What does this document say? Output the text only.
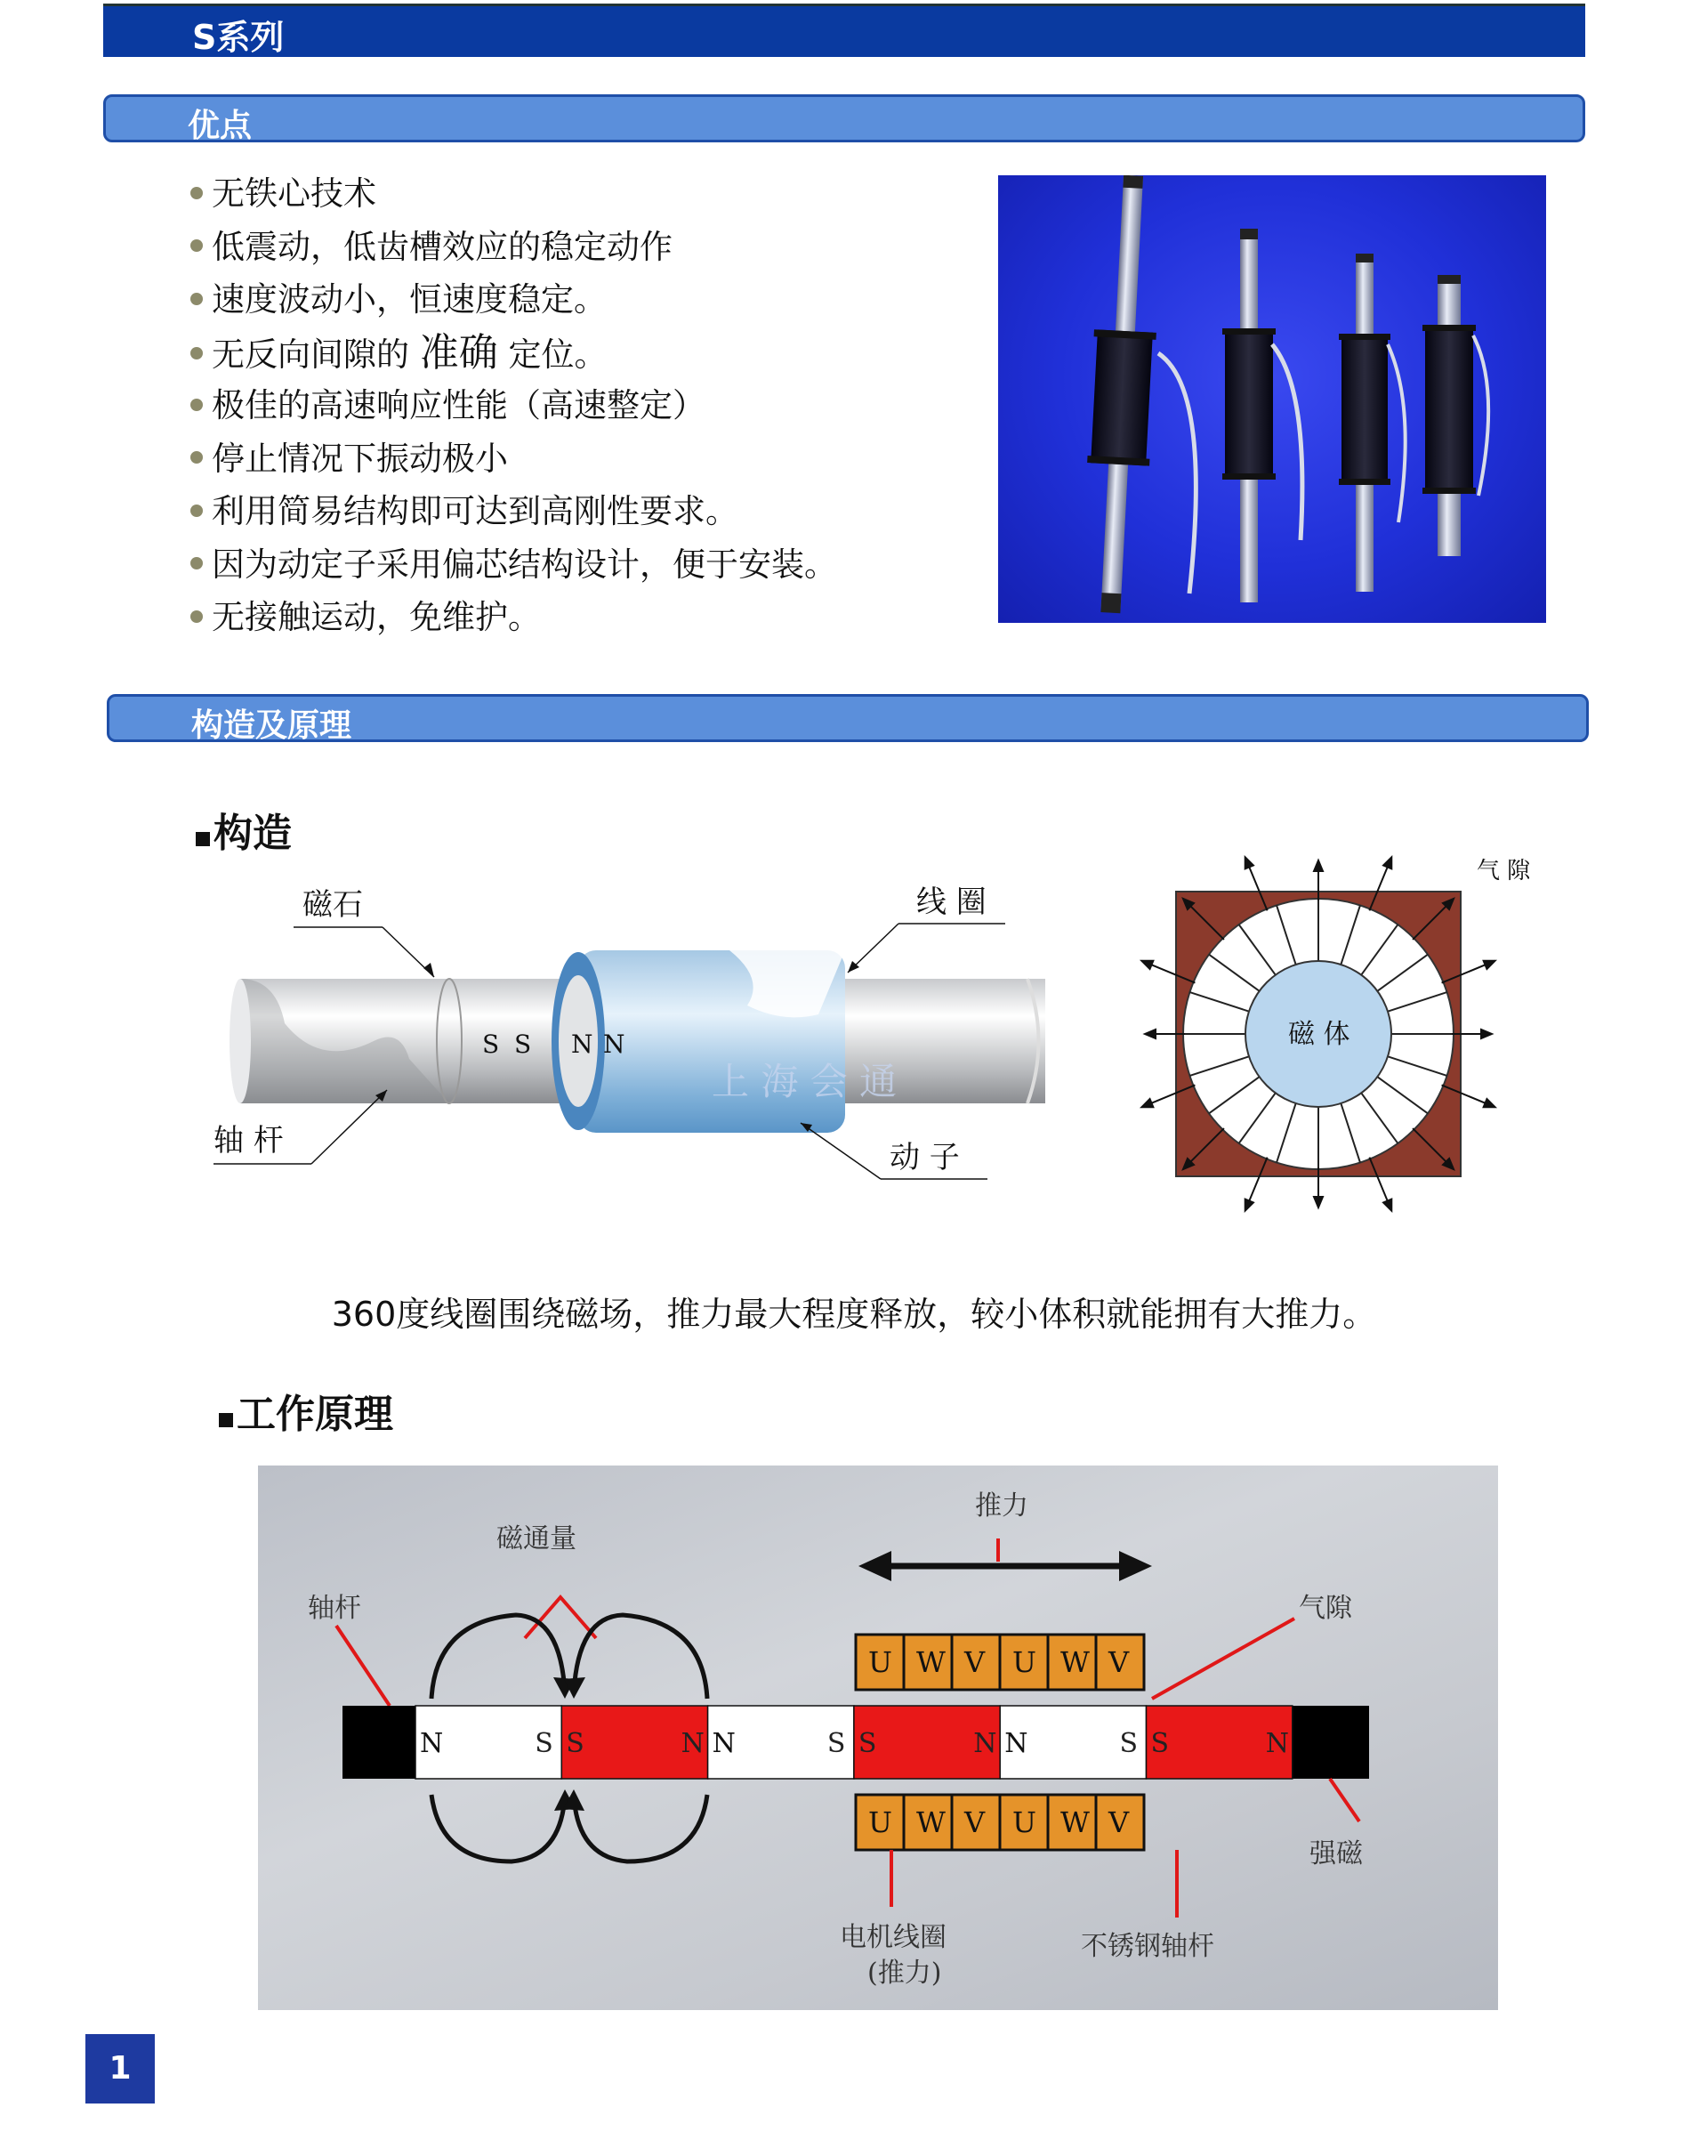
S系列
优点
无铁心技术
低震动，低齿槽效应的稳定动作
速度波动小，恒速度稳定。
无反向间隙的 准确 定位。
极佳的高速响应性能（高速整定）
停止情况下振动极小
利用简易结构即可达到高刚性要求。
因为动定子采用偏芯结构设计，便于安装。
无接触运动，免维护。
构造及原理
构造
S S N N
上 海 会 通
磁石	线 圈
轴 杆	动 子
磁 体
气 隙
360度线圈围绕磁场，推力最大程度释放，较小体积就能拥有大推力。
工作原理
推力
磁通量
轴杆	气隙
N	S S	N N	S S	N N	S S	N
U W V U W V
U W V U W V
强磁
电机线圈
(推力)
不锈钢轴杆
1
